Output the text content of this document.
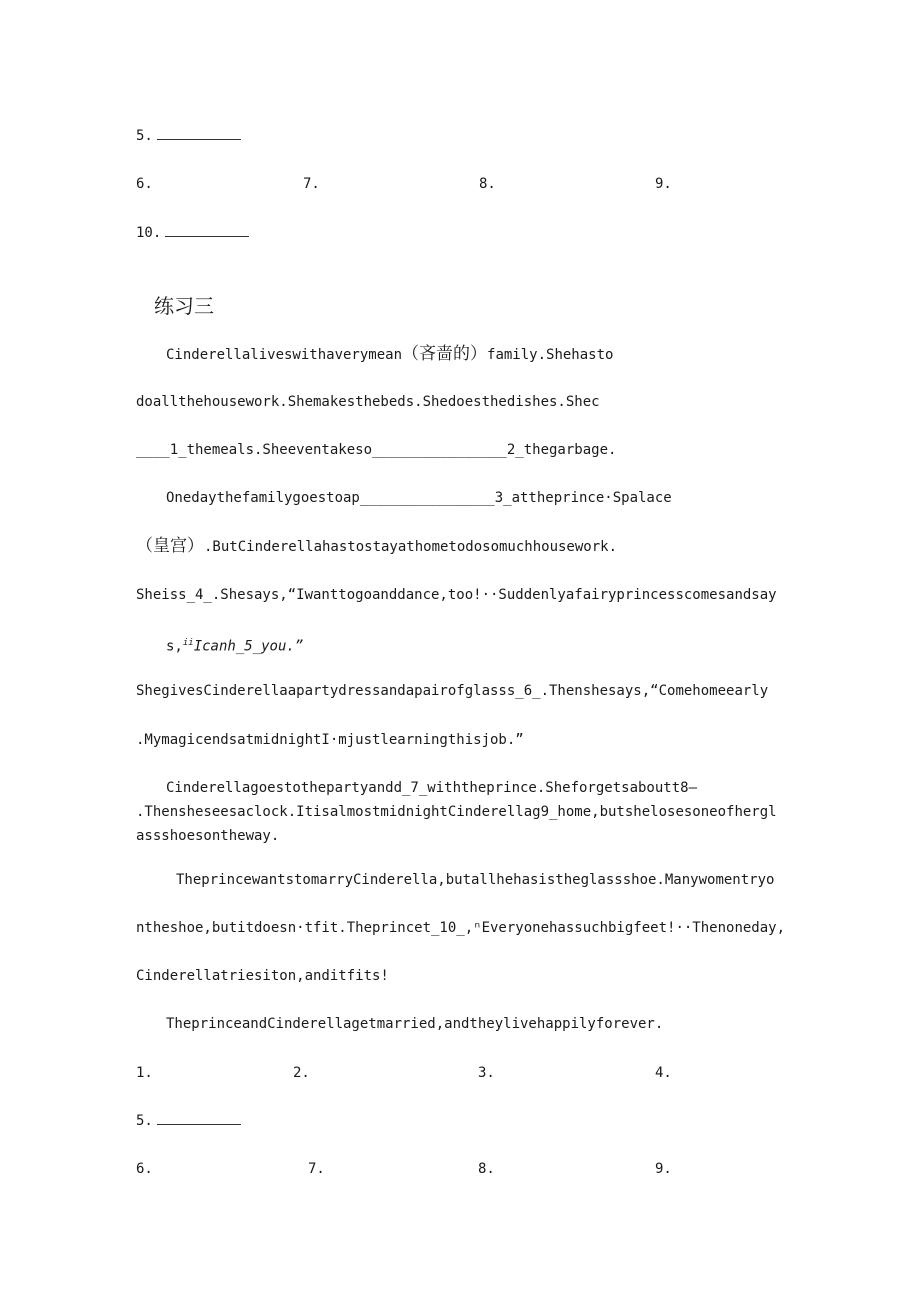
5.
6.	7.	8.	9.
10.
练习三
Cinderellaliveswithaverymean（吝啬的）family.Shehasto
doallthehousework.Shemakesthebeds.Shedoesthedishes.Shec
____1_themeals.Sheeventakeso________________2_thegarbage.
Onedaythefamilygoestoap________________3_attheprince·Spalace
（皇宫）.ButCinderellahastostayathometodosomuchhousework.
Sheiss_4_.Shesays,“Iwanttogoanddance,too!··Suddenlyafairyprincesscomesandsay
s,$^{ii}$Icanh_5_you.”
ShegivesCinderellaapartydressandapairofglasss_6_.Thenshesays,“Comehomeearly
.MymagicendsatmidnightI·mjustlearningthisjob.”
Cinderellagoestothepartyandd_7_withtheprince.Sheforgetsaboutt8—
.Thensheseesaclock.ItisalmostmidnightCinderellag9_home,butshelosesoneofhergl
assshoesontheway.
TheprincewantstomarryCinderella,butallhehasistheglassshoe.Manywomentryo
ntheshoe,butitdoesn·tfit.Theprincet_10_,ⁿEveryonehassuchbigfeet!··Thenoneday,
Cinderellatriesiton,anditfits!
TheprinceandCinderellagetmarried,andtheylivehappilyforever.
1.	2.	3.	4.
5.
6.	7.	8.	9.
